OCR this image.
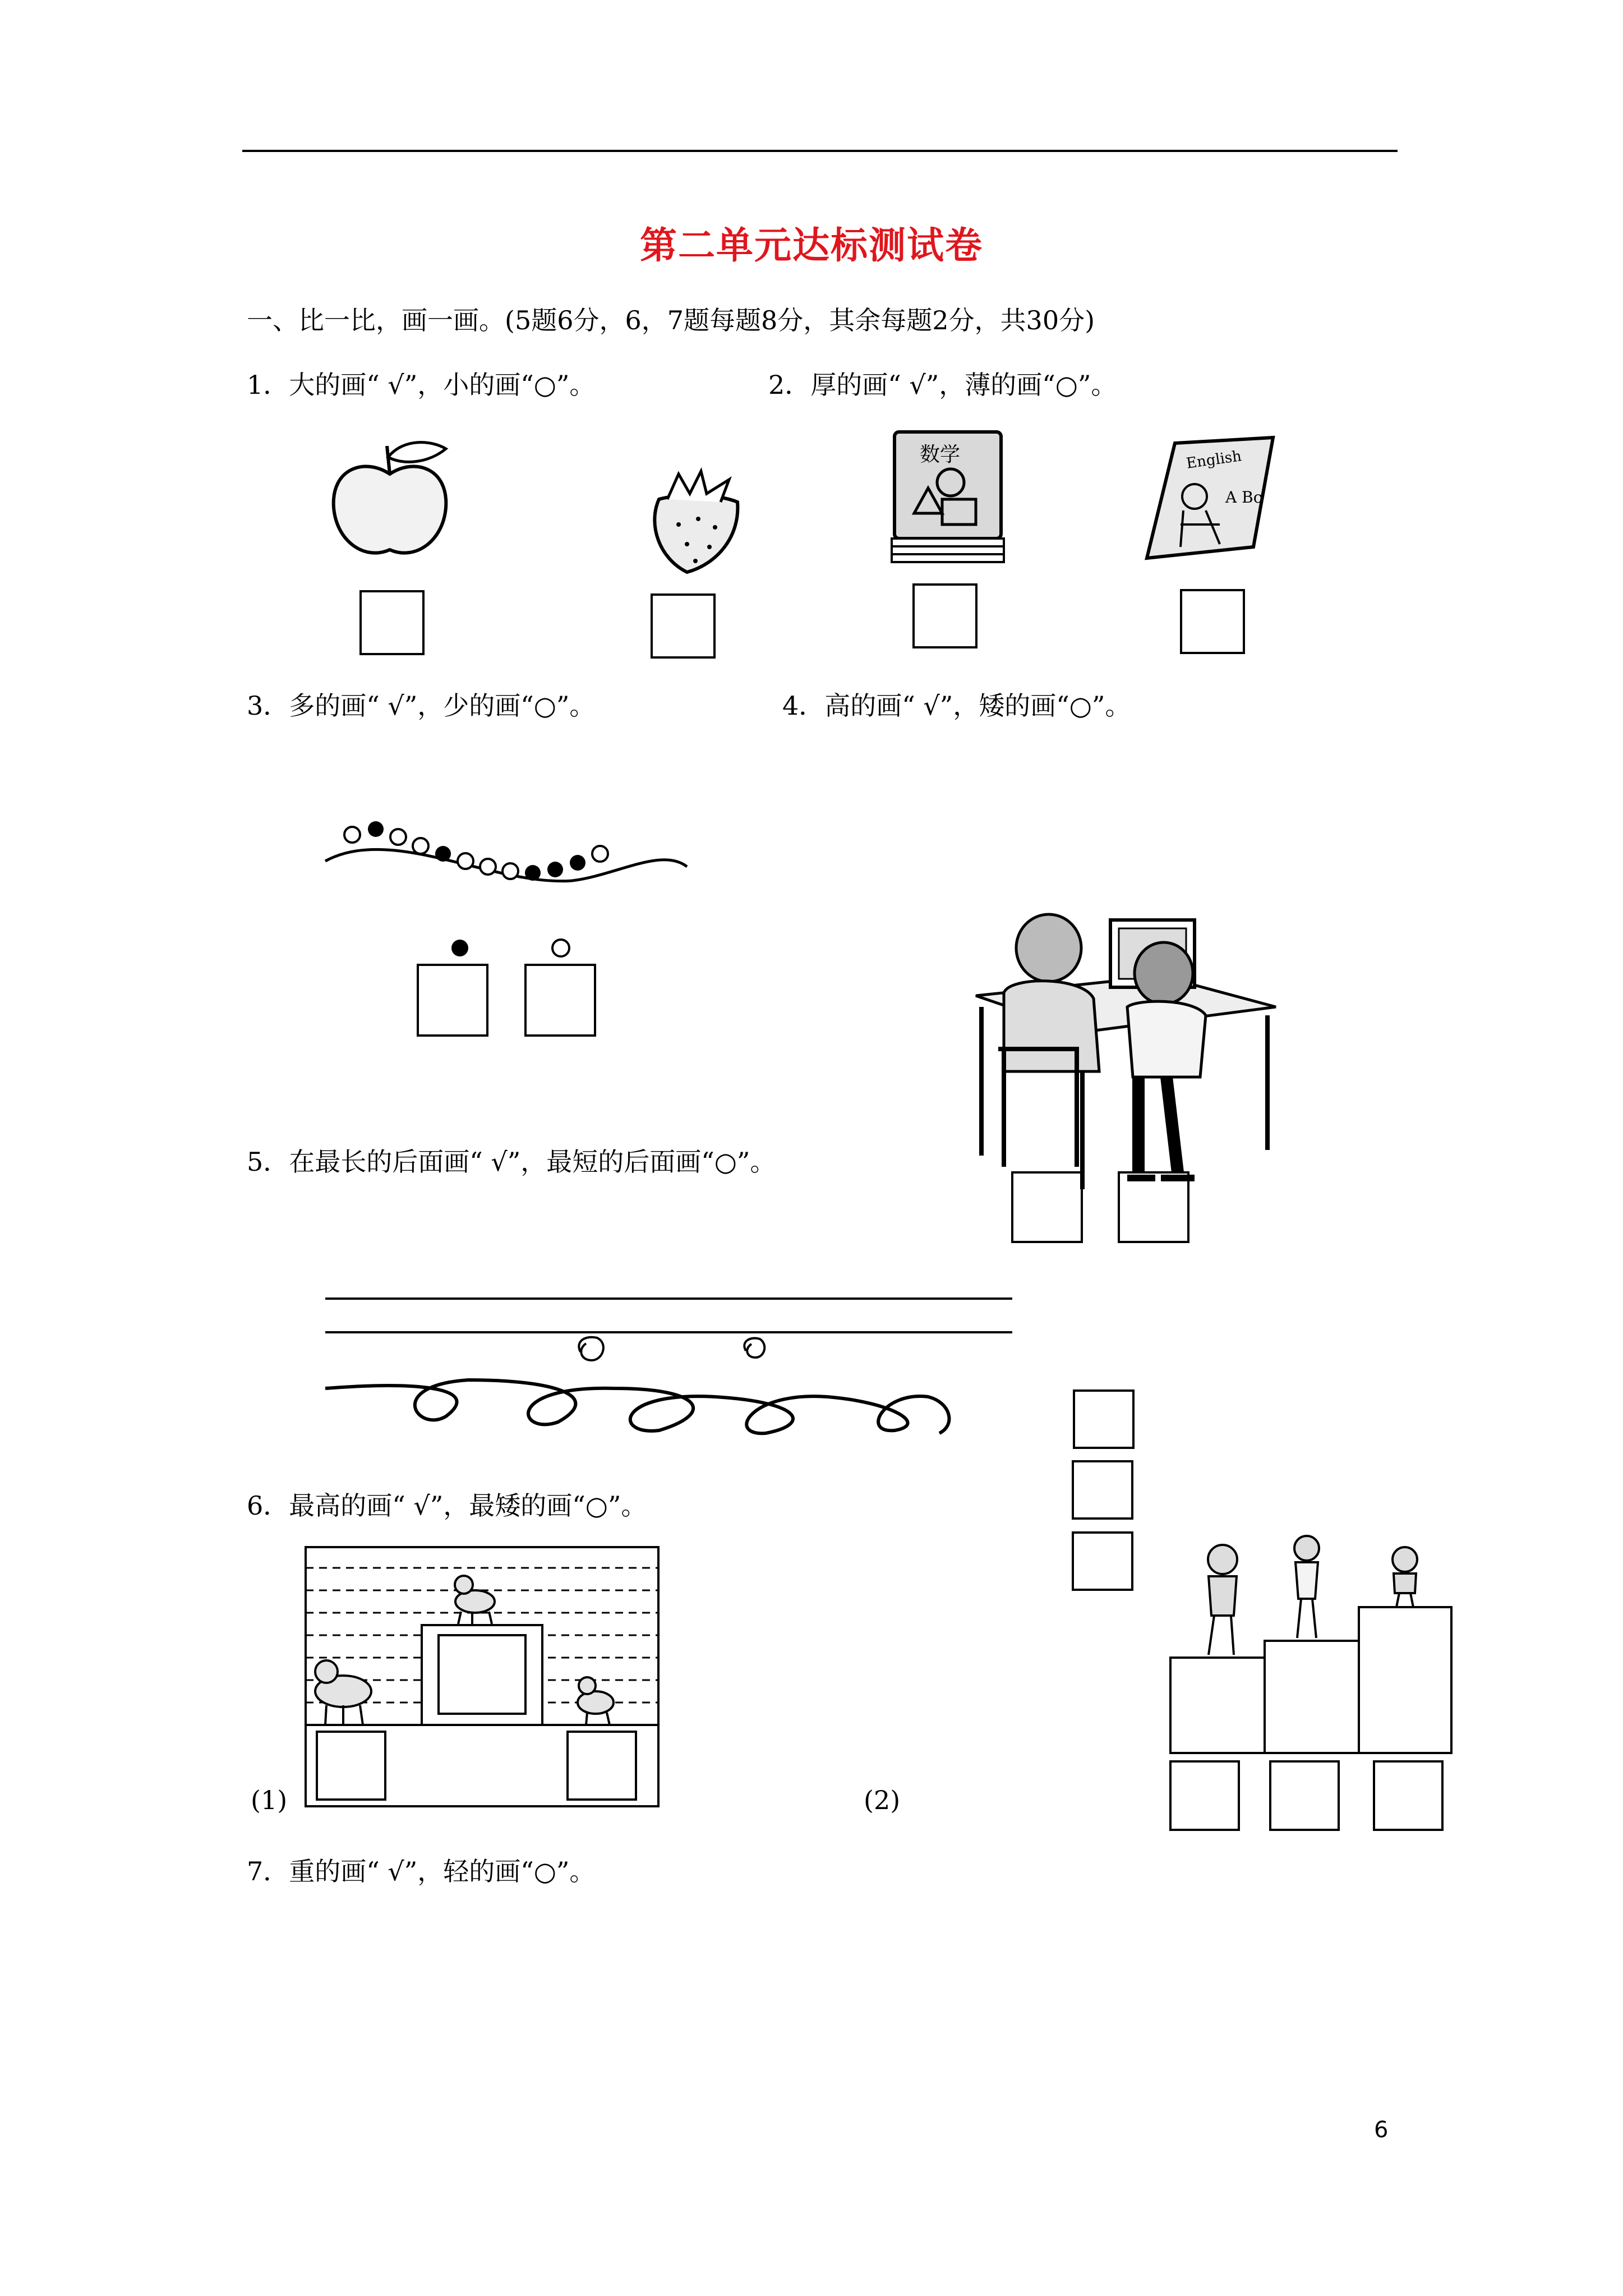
第二单元达标测试卷
一、比一比，画一画。(5题6分，6，7题每题8分，其余每题2分，共30分)
1．大的画“ √”，小的画“○”。	2．厚的画“ √”，薄的画“○”。
数学	English
A Bc
3．多的画“ √”，少的画“○”。	4．高的画“ √”，矮的画“○”。
5．在最长的后面画“ √”，最短的后面画“○”。
6．最高的画“ √”，最矮的画“○”。
(1)	(2)
7．重的画“ √”，轻的画“○”。
6
